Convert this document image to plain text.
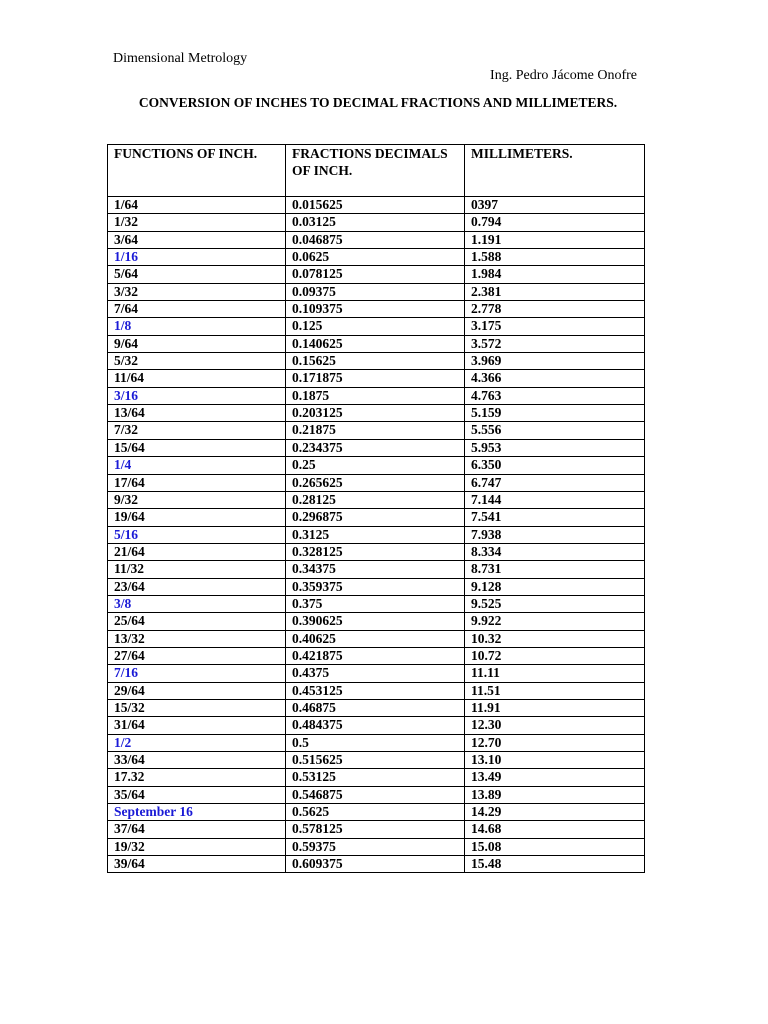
Dimensional Metrology
Ing. Pedro Jácome Onofre
CONVERSION OF INCHES TO DECIMAL FRACTIONS AND MILLIMETERS.
FUNCTIONS OF INCH.	FRACTIONS DECIMALS OF INCH.	MILLIMETERS.
1/64	0.015625	0397
1/32	0.03125	0.794
3/64	0.046875	1.191
1/16	0.0625	1.588
5/64	0.078125	1.984
3/32	0.09375	2.381
7/64	0.109375	2.778
1/8	0.125	3.175
9/64	0.140625	3.572
5/32	0.15625	3.969
11/64	0.171875	4.366
3/16	0.1875	4.763
13/64	0.203125	5.159
7/32	0.21875	5.556
15/64	0.234375	5.953
1/4	0.25	6.350
17/64	0.265625	6.747
9/32	0.28125	7.144
19/64	0.296875	7.541
5/16	0.3125	7.938
21/64	0.328125	8.334
11/32	0.34375	8.731
23/64	0.359375	9.128
3/8	0.375	9.525
25/64	0.390625	9.922
13/32	0.40625	10.32
27/64	0.421875	10.72
7/16	0.4375	11.11
29/64	0.453125	11.51
15/32	0.46875	11.91
31/64	0.484375	12.30
1/2	0.5	12.70
33/64	0.515625	13.10
17.32	0.53125	13.49
35/64	0.546875	13.89
September 16	0.5625	14.29
37/64	0.578125	14.68
19/32	0.59375	15.08
39/64	0.609375	15.48
